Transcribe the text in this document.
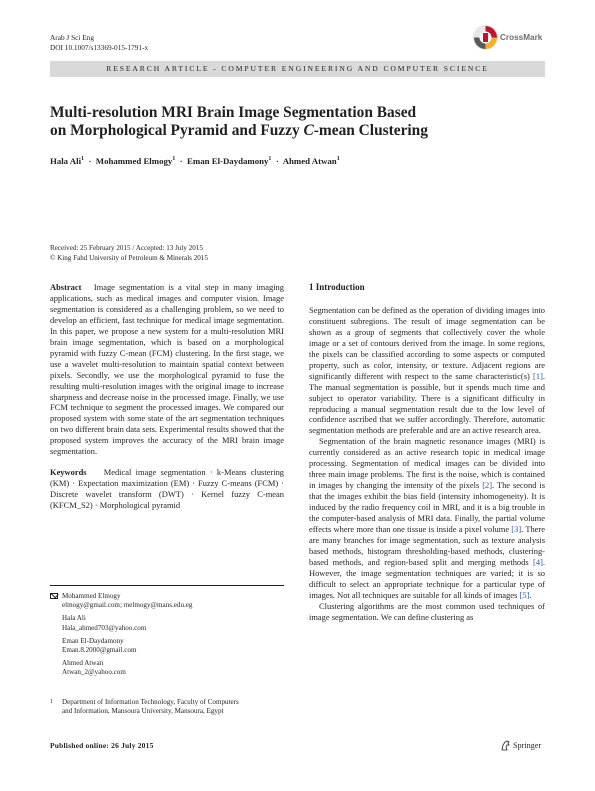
Arab J Sci Eng
DOI 10.1007/s13369-015-1791-x
CrossMark
RESEARCH ARTICLE - COMPUTER ENGINEERING AND COMPUTER SCIENCE
Multi-resolution MRI Brain Image Segmentation Based
on Morphological Pyramid and Fuzzy C-mean Clustering
Hala Ali$^1$ · Mohammed Elmogy$^1$ · Eman El-Daydamony$^1$ · Ahmed Atwan$^1$
Received: 25 February 2015 / Accepted: 13 July 2015
© King Fahd University of Petroleum & Minerals 2015
Abstract Image segmentation is a vital step in many imaging applications, such as medical images and computer vision. Image segmentation is considered as a challenging problem, so we need to develop an efficient, fast technique for medical image segmentation. In this paper, we propose a new system for a multi-resolution MRI brain image segmentation, which is based on a morphological pyramid with fuzzy C-mean (FCM) clustering. In the first stage, we use a wavelet multi-resolution to maintain spatial context between pixels. Secondly, we use the morphological pyramid to fuse the resulting multi-resolution images with the original image to increase sharpness and decrease noise in the processed image. Finally, we use FCM technique to segment the processed images. We compared our proposed system with some state of the art segmentation techniques on two different brain data sets. Experimental results showed that the proposed system improves the accuracy of the MRI brain image segmentation.
Keywords Medical image segmentation · k-Means clustering (KM) · Expectation maximization (EM) · Fuzzy C-means (FCM) · Discrete wavelet transform (DWT) · Kernel fuzzy C-mean (KFCM_S2) · Morphological pyramid
Mohammed Elmogy
elmogy@gmail.com; melmogy@mans.edu.eg
Hala Ali
Hala_ahmed703@yahoo.com
Eman El-Daydamony
Eman.8.2000@gmail.com
Ahmed Atwan
Atwan_2@yahoo.com
1 Department of Information Technology, Faculty of Computers
and Information, Mansoura University, Mansoura, Egypt
1 Introduction

Segmentation can be defined as the operation of dividing images into constituent subregions. The result of image segmentation can be shown as a group of segments that collectively cover the whole image or a set of contours derived from the image. In some regions, the pixels can be classified according to some aspects or computed property, such as color, intensity, or texture. Adjacent regions are significantly different with respect to the same characteristic(s) [1]. The manual segmentation is possible, but it spends much time and subject to operator variability. There is a significant difficulty in reproducing a manual segmentation result due to the low level of confidence ascribed that we suffer accordingly. Therefore, automatic segmentation methods are preferable and are an active research area.

Segmentation of the brain magnetic resonance images (MRI) is currently considered as an active research topic in medical image processing. Segmentation of medical images can be divided into three main image problems. The first is the noise, which is contained in images by changing the intensity of the pixels [2]. The second is that the images exhibit the bias field (intensity inhomogeneity). It is induced by the radio frequency coil in MRI, and it is a big trouble in the computer-based analysis of MRI data. Finally, the partial volume effects where more than one tissue is inside a pixel volume [3]. There are many branches for image segmentation, such as texture analysis based methods, histogram thresholding-based methods, clustering-based methods, and region-based split and merging methods [4]. However, the image segmentation techniques are varied; it is so difficult to select an appropriate technique for a particular type of images. Not all techniques are suitable for all kinds of images [5].

Clustering algorithms are the most common used techniques of image segmentation. We can define clustering as

Published online: 26 July 2015	Springer
